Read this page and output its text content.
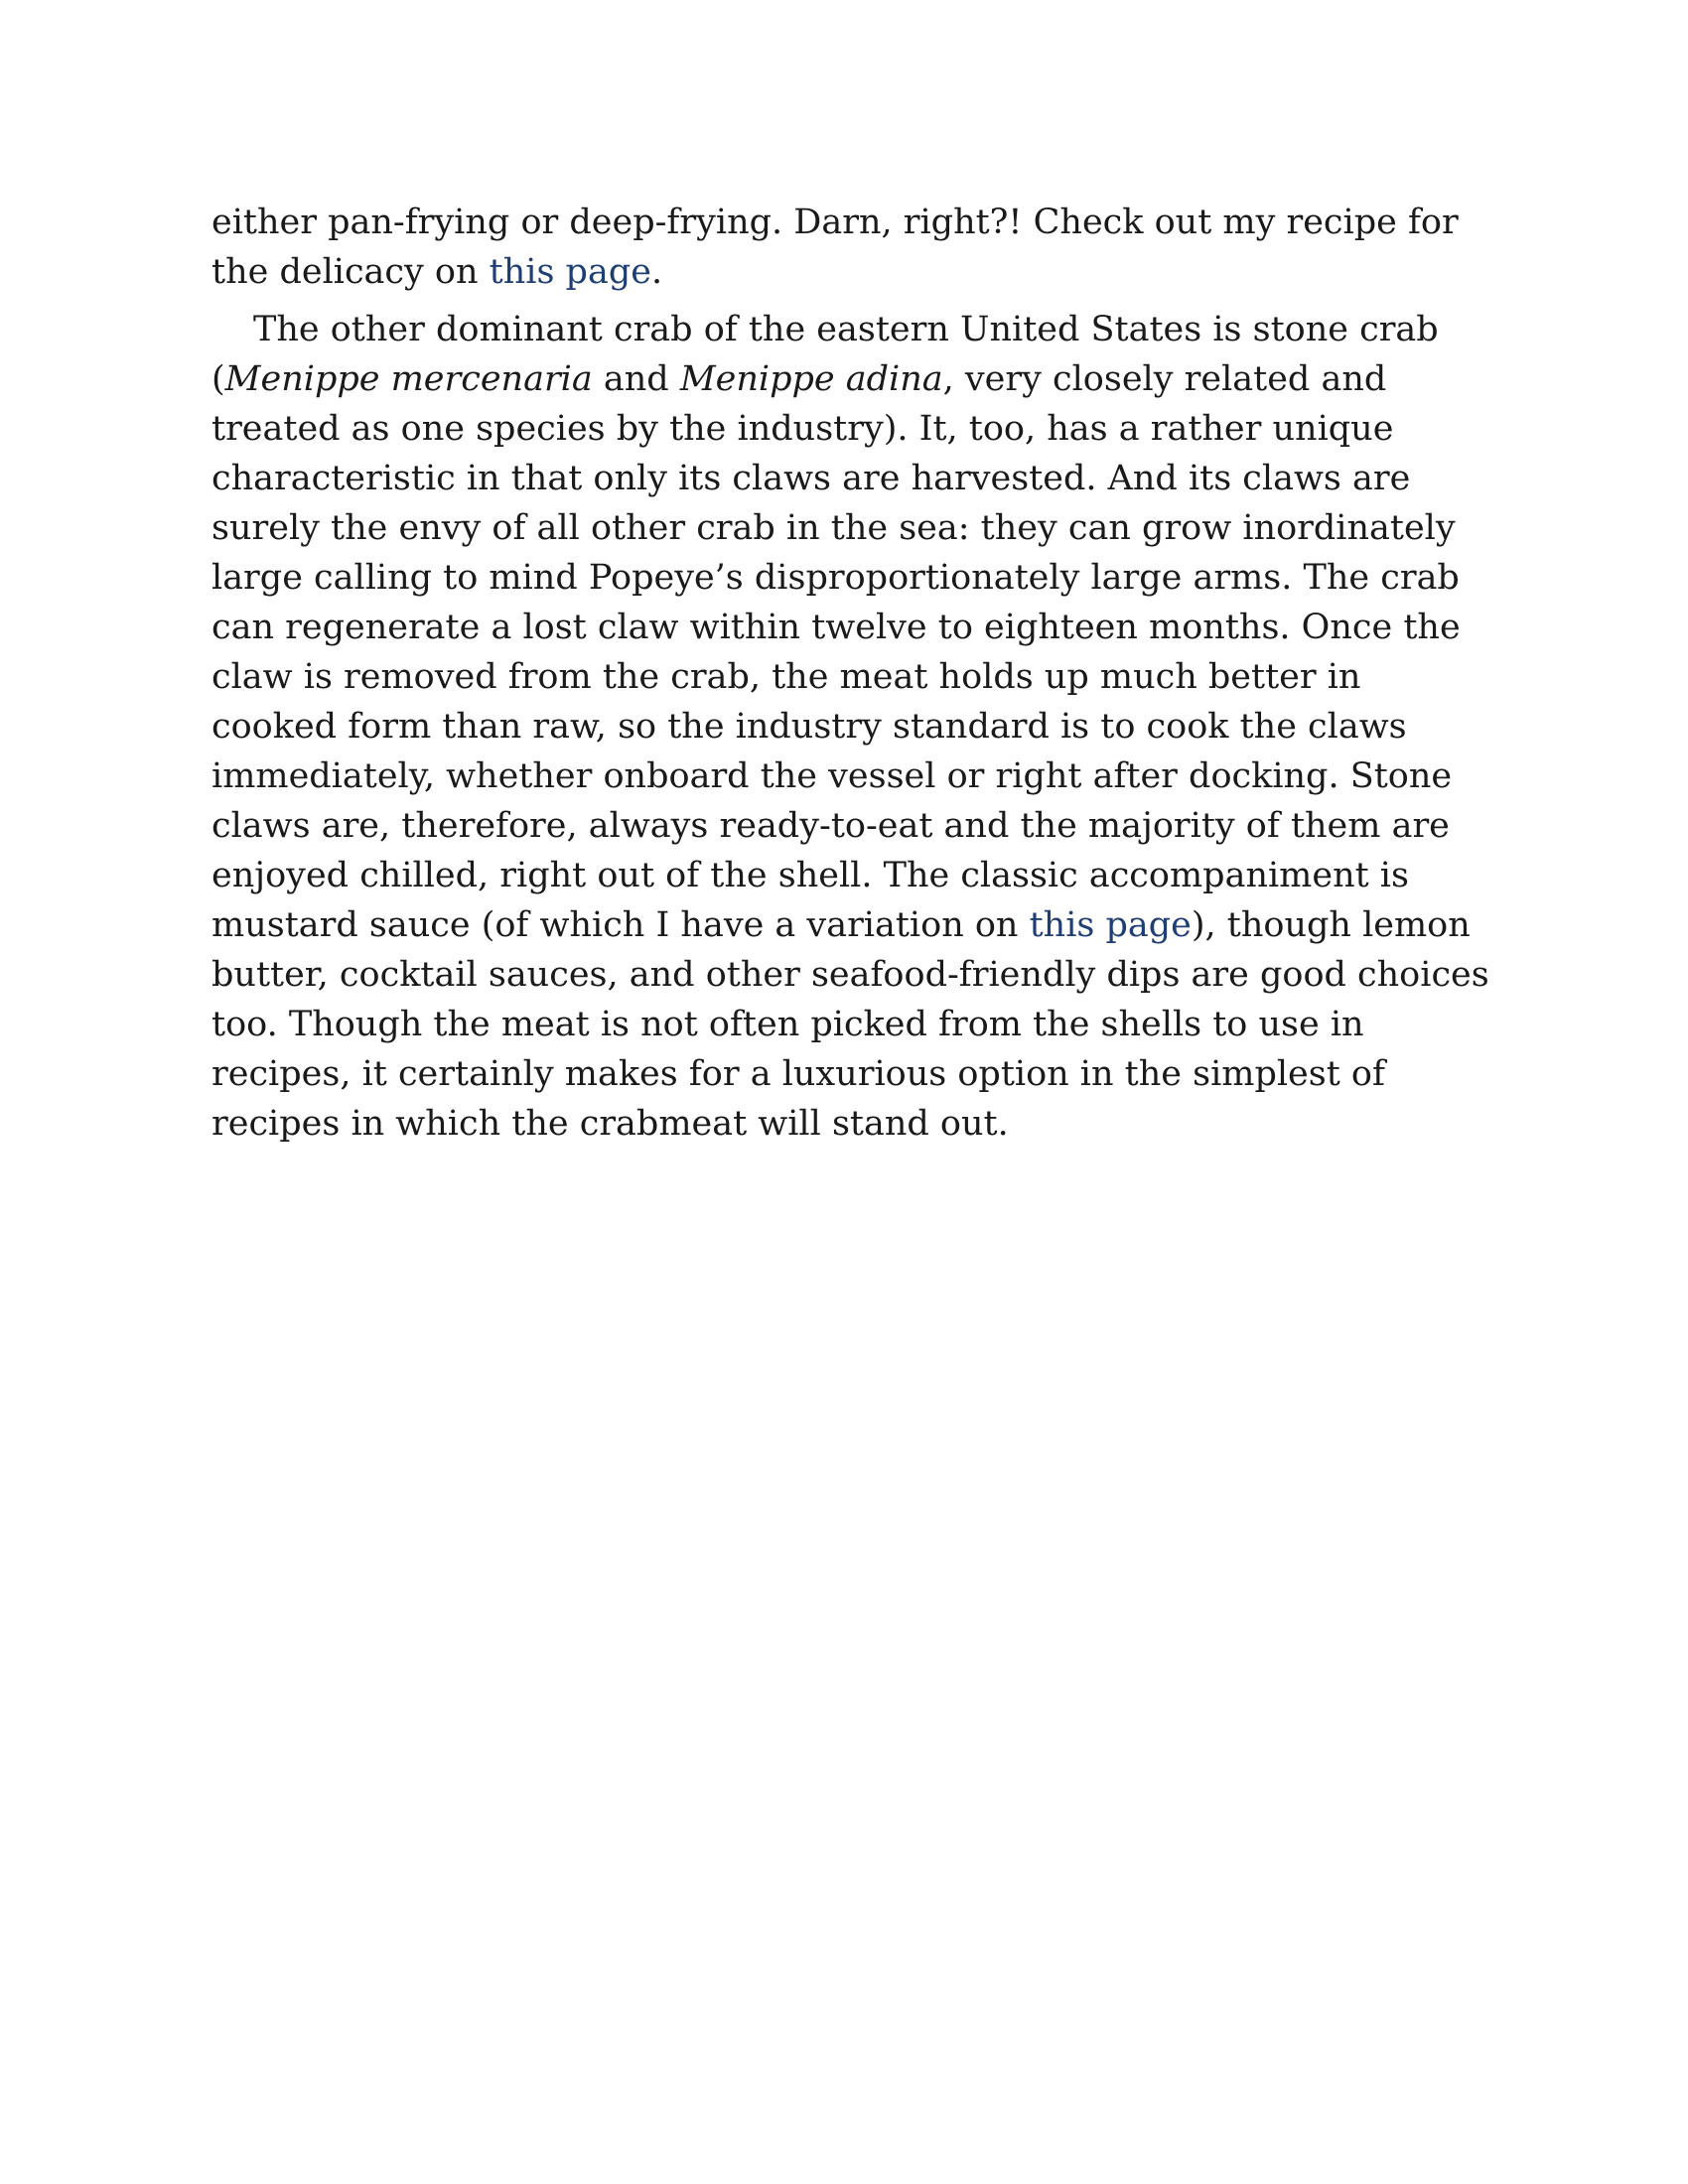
either pan-frying or deep-frying. Darn, right?! Check out my recipe for
the delicacy on this page.
The other dominant crab of the eastern United States is stone crab
(Menippe mercenaria and Menippe adina, very closely related and
treated as one species by the industry). It, too, has a rather unique
characteristic in that only its claws are harvested. And its claws are
surely the envy of all other crab in the sea: they can grow inordinately
large calling to mind Popeye’s disproportionately large arms. The crab
can regenerate a lost claw within twelve to eighteen months. Once the
claw is removed from the crab, the meat holds up much better in
cooked form than raw, so the industry standard is to cook the claws
immediately, whether onboard the vessel or right after docking. Stone
claws are, therefore, always ready-to-eat and the majority of them are
enjoyed chilled, right out of the shell. The classic accompaniment is
mustard sauce (of which I have a variation on this page), though lemon
butter, cocktail sauces, and other seafood-friendly dips are good choices
too. Though the meat is not often picked from the shells to use in
recipes, it certainly makes for a luxurious option in the simplest of
recipes in which the crabmeat will stand out.
